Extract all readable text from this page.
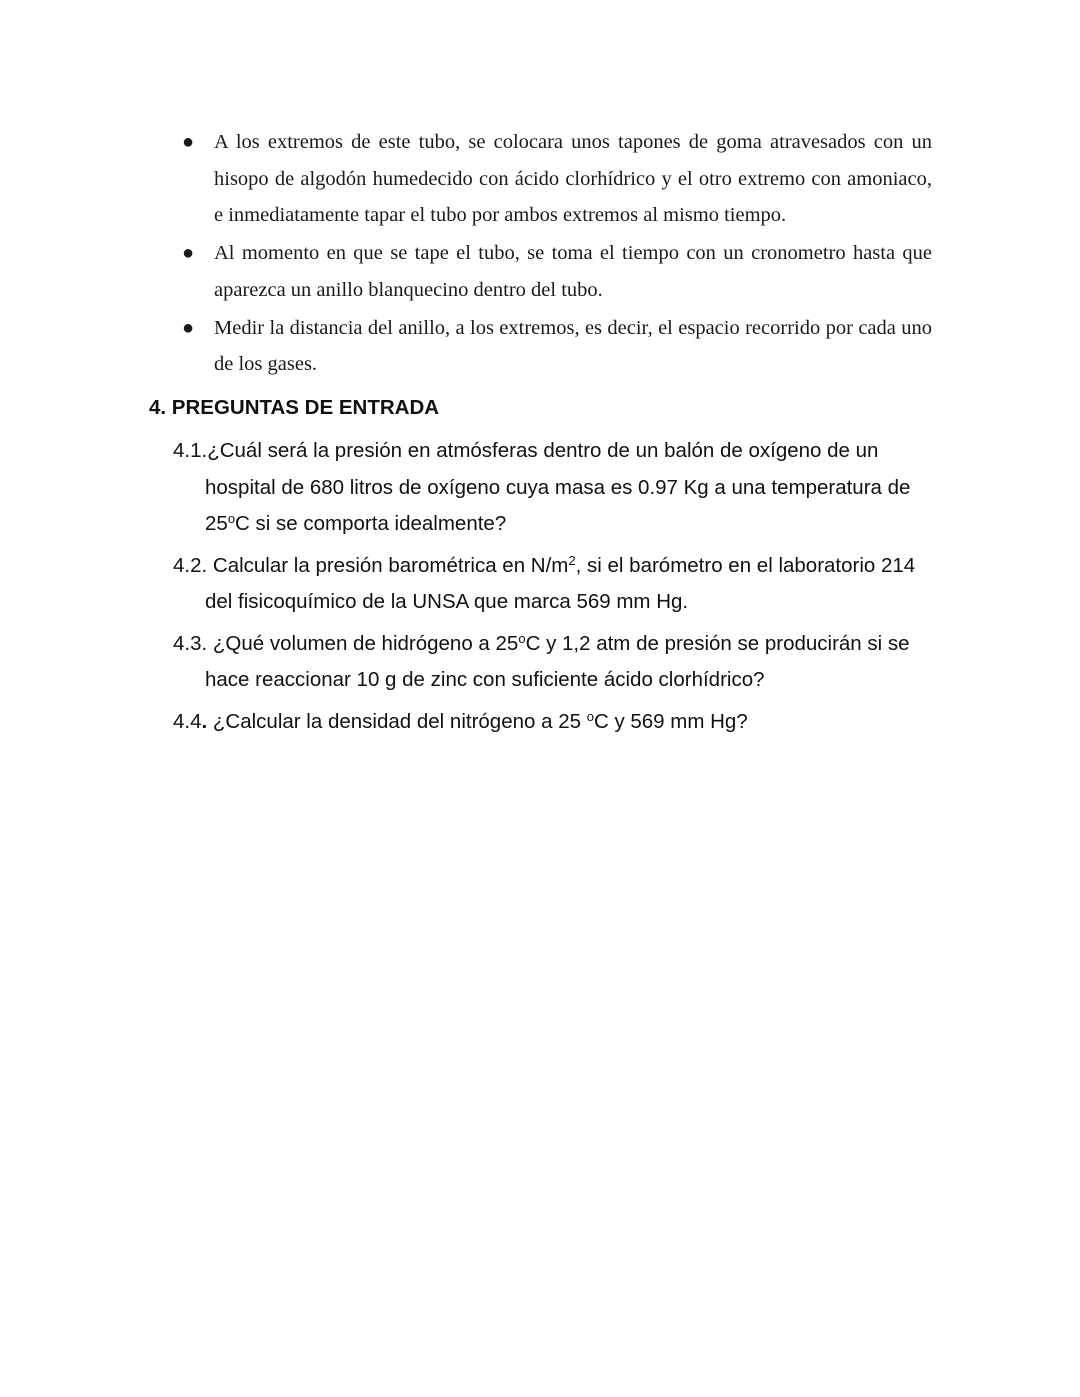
● A los extremos de este tubo, se colocara unos tapones de goma atravesados con un hisopo de algodón humedecido con ácido clorhídrico y el otro extremo con amoniaco, e inmediatamente tapar el tubo por ambos extremos al mismo tiempo.
● Al momento en que se tape el tubo, se toma el tiempo con un cronometro hasta que aparezca un anillo blanquecino dentro del tubo.
● Medir la distancia del anillo, a los extremos, es decir, el espacio recorrido por cada uno de los gases.
4. PREGUNTAS DE ENTRADA
4.1.¿Cuál será la presión en atmósferas dentro de un balón de oxígeno de un hospital de 680 litros de oxígeno cuya masa es 0.97 Kg a una temperatura de 25$^o$C si se comporta idealmente?
4.2. Calcular la presión barométrica en $N/m^2$, si el barómetro en el laboratorio 214 del fisicoquímico de la UNSA que marca 569 mm Hg.
4.3. ¿Qué volumen de hidrógeno a 25$^o$C y 1,2 atm de presión se producirán si se hace reaccionar 10 g de zinc con suficiente ácido clorhídrico?
4.4. ¿Calcular la densidad del nitrógeno a 25 $^o$C y 569 mm Hg?
